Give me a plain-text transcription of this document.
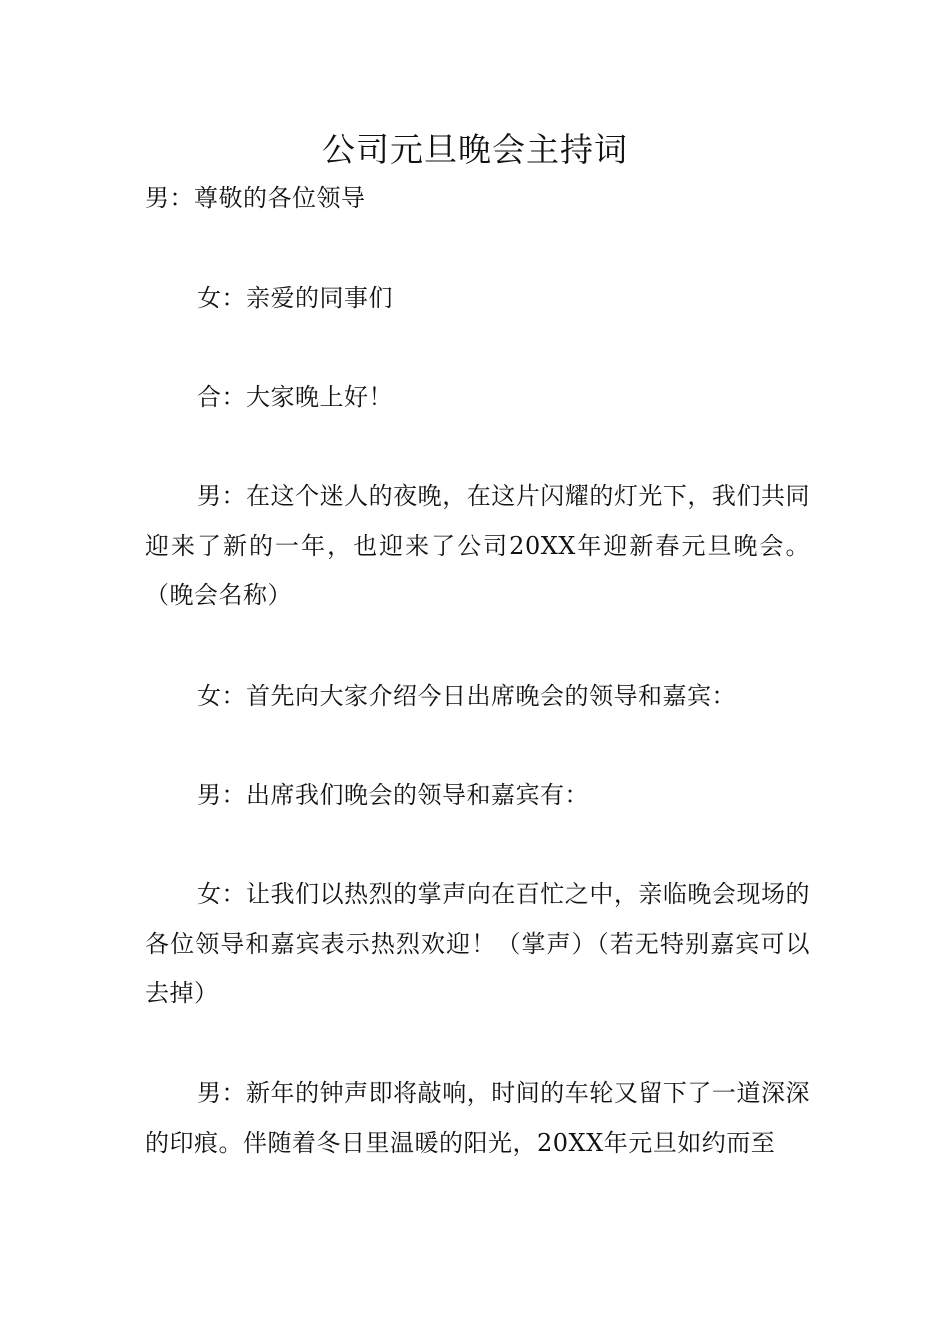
公司元旦晚会主持词

男：尊敬的各位领导

女：亲爱的同事们

合：大家晚上好！

男：在这个迷人的夜晚，在这片闪耀的灯光下，我们共同迎来了新的一年，也迎来了公司20XX年迎新春元旦晚会。（晚会名称）

女：首先向大家介绍今日出席晚会的领导和嘉宾：

男：出席我们晚会的领导和嘉宾有：

女：让我们以热烈的掌声向在百忙之中，亲临晚会现场的各位领导和嘉宾表示热烈欢迎！（掌声）（若无特别嘉宾可以去掉）

男：新年的钟声即将敲响，时间的车轮又留下了一道深深的印痕。伴随着冬日里温暖的阳光，20XX年元旦如约而至
